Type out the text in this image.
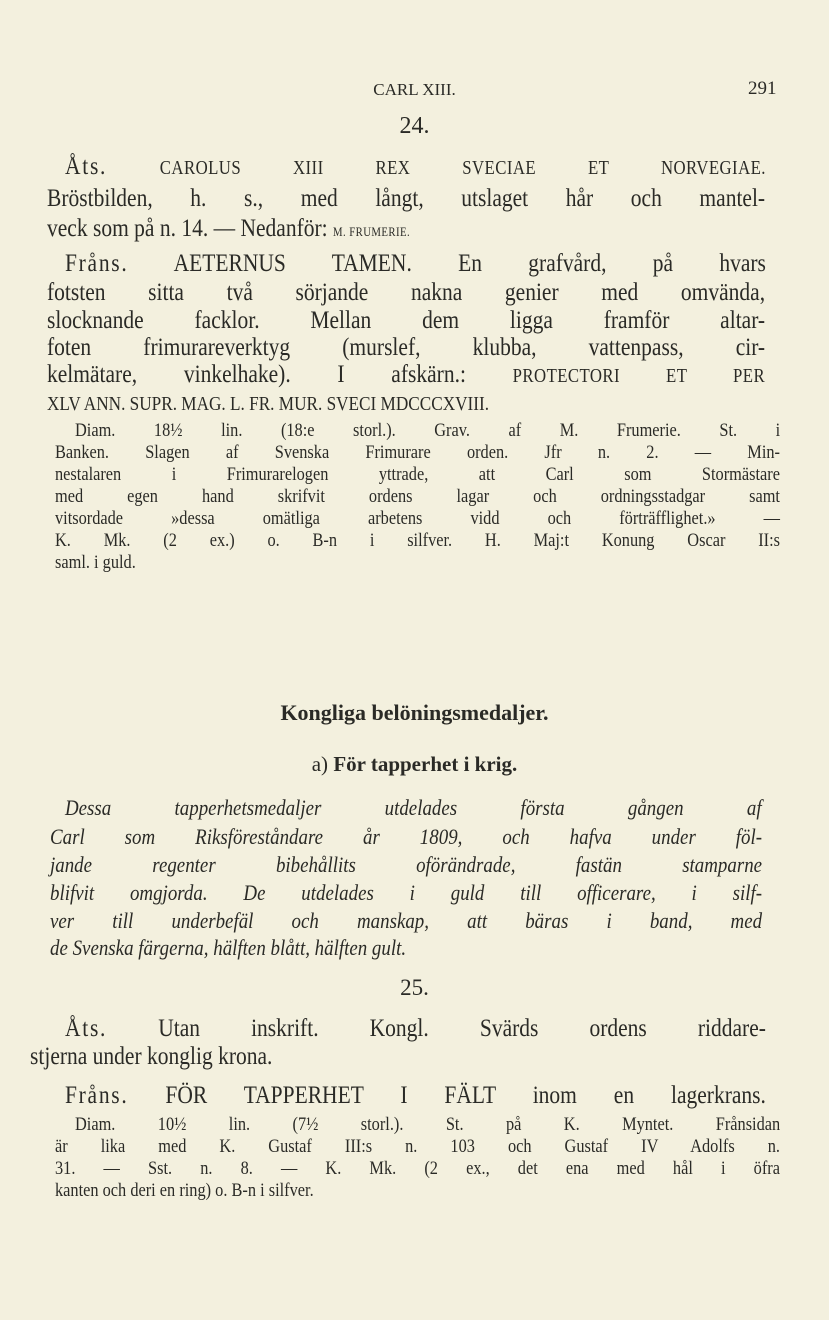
CARL XIII.	291
24.
Åts.	CAROLUS XIII REX SVECIAE ET NORVEGIAE.
Bröstbilden, h. s., med långt, utslaget hår och mantel-
veck som på n. 14. — Nedanför: M. FRUMERIE.
Fråns. AETERNUS TAMEN. En grafvård, på hvars
fotsten sitta två sörjande nakna genier med omvända,
slocknande facklor. Mellan dem ligga framför altar-
foten frimurareverktyg (murslef, klubba, vattenpass, cir-
kelmätare, vinkelhake). I afskärn.: PROTECTORI ET PER
XLV ANN. SUPR. MAG. L. FR. MUR. SVECI MDCCCXVIII.
Diam. 18½ lin. (18:e storl.). Grav. af M. Frumerie. St. i
Banken. Slagen af Svenska Frimurare orden. Jfr n. 2. — Min-
nestalaren i Frimurarelogen yttrade, att Carl som Stormästare
med egen hand skrifvit ordens lagar och ordningsstadgar samt
vitsordade »dessa omätliga arbetens vidd och förträfflighet.» —
K. Mk. (2 ex.) o. B-n i silfver. H. Maj:t Konung Oscar II:s
saml. i guld.
Kongliga belöningsmedaljer.
a) För tapperhet i krig.
Dessa tapperhetsmedaljer utdelades första gången af
Carl som Riksföreståndare år 1809, och hafva under föl-
jande regenter bibehållits oförändrade, fastän stamparne
blifvit omgjorda. De utdelades i guld till officerare, i silf-
ver till underbefäl och manskap, att bäras i band, med
de Svenska färgerna, hälften blått, hälften gult.
25.
Åts. Utan inskrift. Kongl. Svärds ordens riddare-
stjerna under konglig krona.
Fråns. FÖR TAPPERHET I FÄLT inom en lagerkrans.
Diam. 10½ lin. (7½ storl.). St. på K. Myntet. Frånsidan
är lika med K. Gustaf III:s n. 103 och Gustaf IV Adolfs n.
31. — Sst. n. 8. — K. Mk. (2 ex., det ena med hål i öfra
kanten och deri en ring) o. B-n i silfver.
